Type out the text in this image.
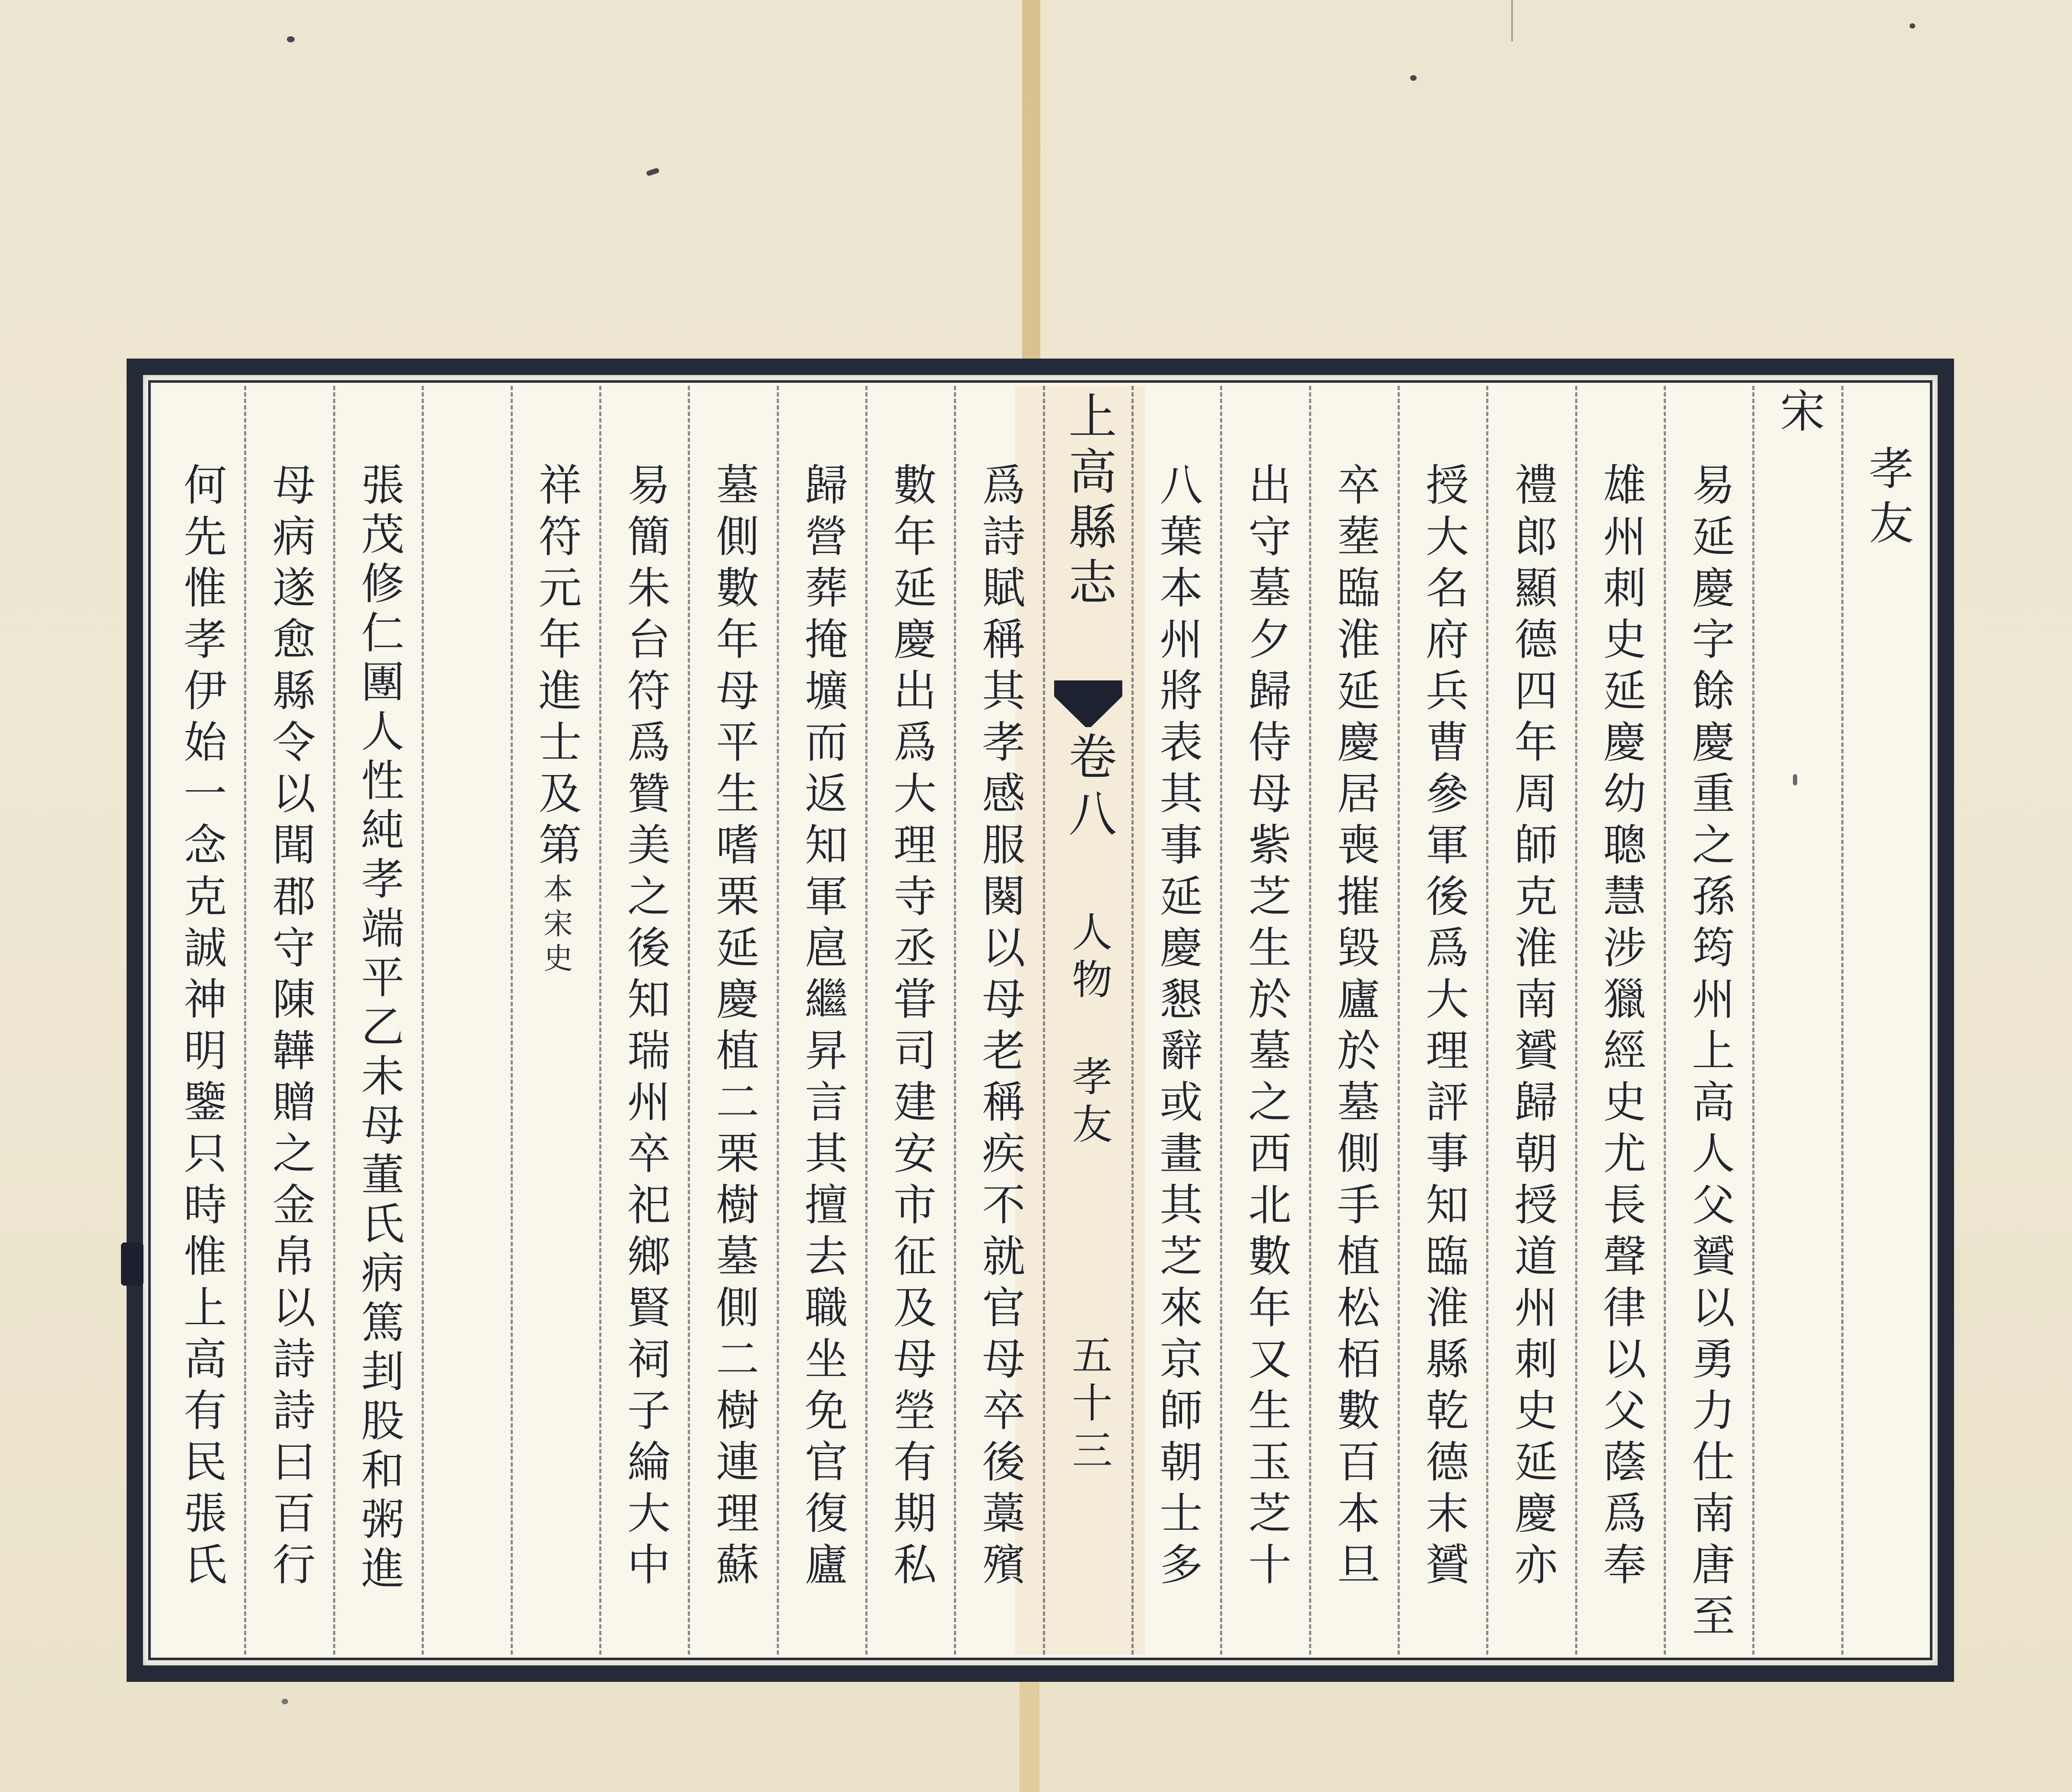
孝友
宋
易延慶字餘慶重之孫筠州上高人父贇以勇力仕南唐至
雄州刺史延慶幼聰慧涉獵經史尤長聲律以父蔭爲奉
禮郎顯德四年周師克淮南贇歸朝授道州刺史延慶亦
授大名府兵曹參軍後爲大理評事知臨淮縣乾德末贇
卒塟臨淮延慶居喪摧毀廬於墓側手植松栢數百本旦
出守墓夕歸侍母紫芝生於墓之西北數年又生玉芝十
八葉本州將表其事延慶懇辭或畫其芝來京師朝士多
上高縣志
卷八
人物
孝友
五十三
爲詩賦稱其孝感服闋以母老稱疾不就官母卒後藁殯
數年延慶出爲大理寺丞甞司建安市征及母塋有期私
歸營葬掩壙而返知軍扈繼昇言其擅去職坐免官復廬
墓側數年母平生嗜栗延慶植二栗樹墓側二樹連理蘇
易簡朱台符爲贊美之後知瑞州卒祀鄉賢祠子綸大中
祥符元年進士及第本宋史
張茂修仁團人性純孝端平乙未母董氏病篤刲股和粥進
母病遂愈縣令以聞郡守陳韡贈之金帛以詩詩曰百行
何先惟孝伊始一念克誠神明鑒只時惟上高有民張氏
